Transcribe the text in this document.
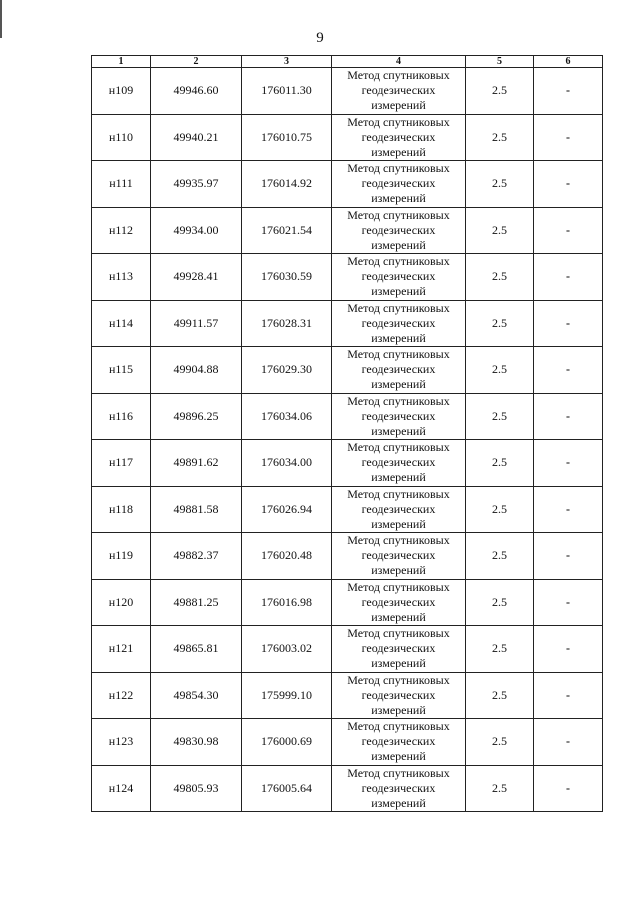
9
1	2	3	4	5	6
н109	49946.60	176011.30	Метод спутниковых
геодезических
измерений	2.5	-
н110	49940.21	176010.75	Метод спутниковых
геодезических
измерений	2.5	-
н111	49935.97	176014.92	Метод спутниковых
геодезических
измерений	2.5	-
н112	49934.00	176021.54	Метод спутниковых
геодезических
измерений	2.5	-
н113	49928.41	176030.59	Метод спутниковых
геодезических
измерений	2.5	-
н114	49911.57	176028.31	Метод спутниковых
геодезических
измерений	2.5	-
н115	49904.88	176029.30	Метод спутниковых
геодезических
измерений	2.5	-
н116	49896.25	176034.06	Метод спутниковых
геодезических
измерений	2.5	-
н117	49891.62	176034.00	Метод спутниковых
геодезических
измерений	2.5	-
н118	49881.58	176026.94	Метод спутниковых
геодезических
измерений	2.5	-
н119	49882.37	176020.48	Метод спутниковых
геодезических
измерений	2.5	-
н120	49881.25	176016.98	Метод спутниковых
геодезических
измерений	2.5	-
н121	49865.81	176003.02	Метод спутниковых
геодезических
измерений	2.5	-
н122	49854.30	175999.10	Метод спутниковых
геодезических
измерений	2.5	-
н123	49830.98	176000.69	Метод спутниковых
геодезических
измерений	2.5	-
н124	49805.93	176005.64	Метод спутниковых
геодезических
измерений	2.5	-
